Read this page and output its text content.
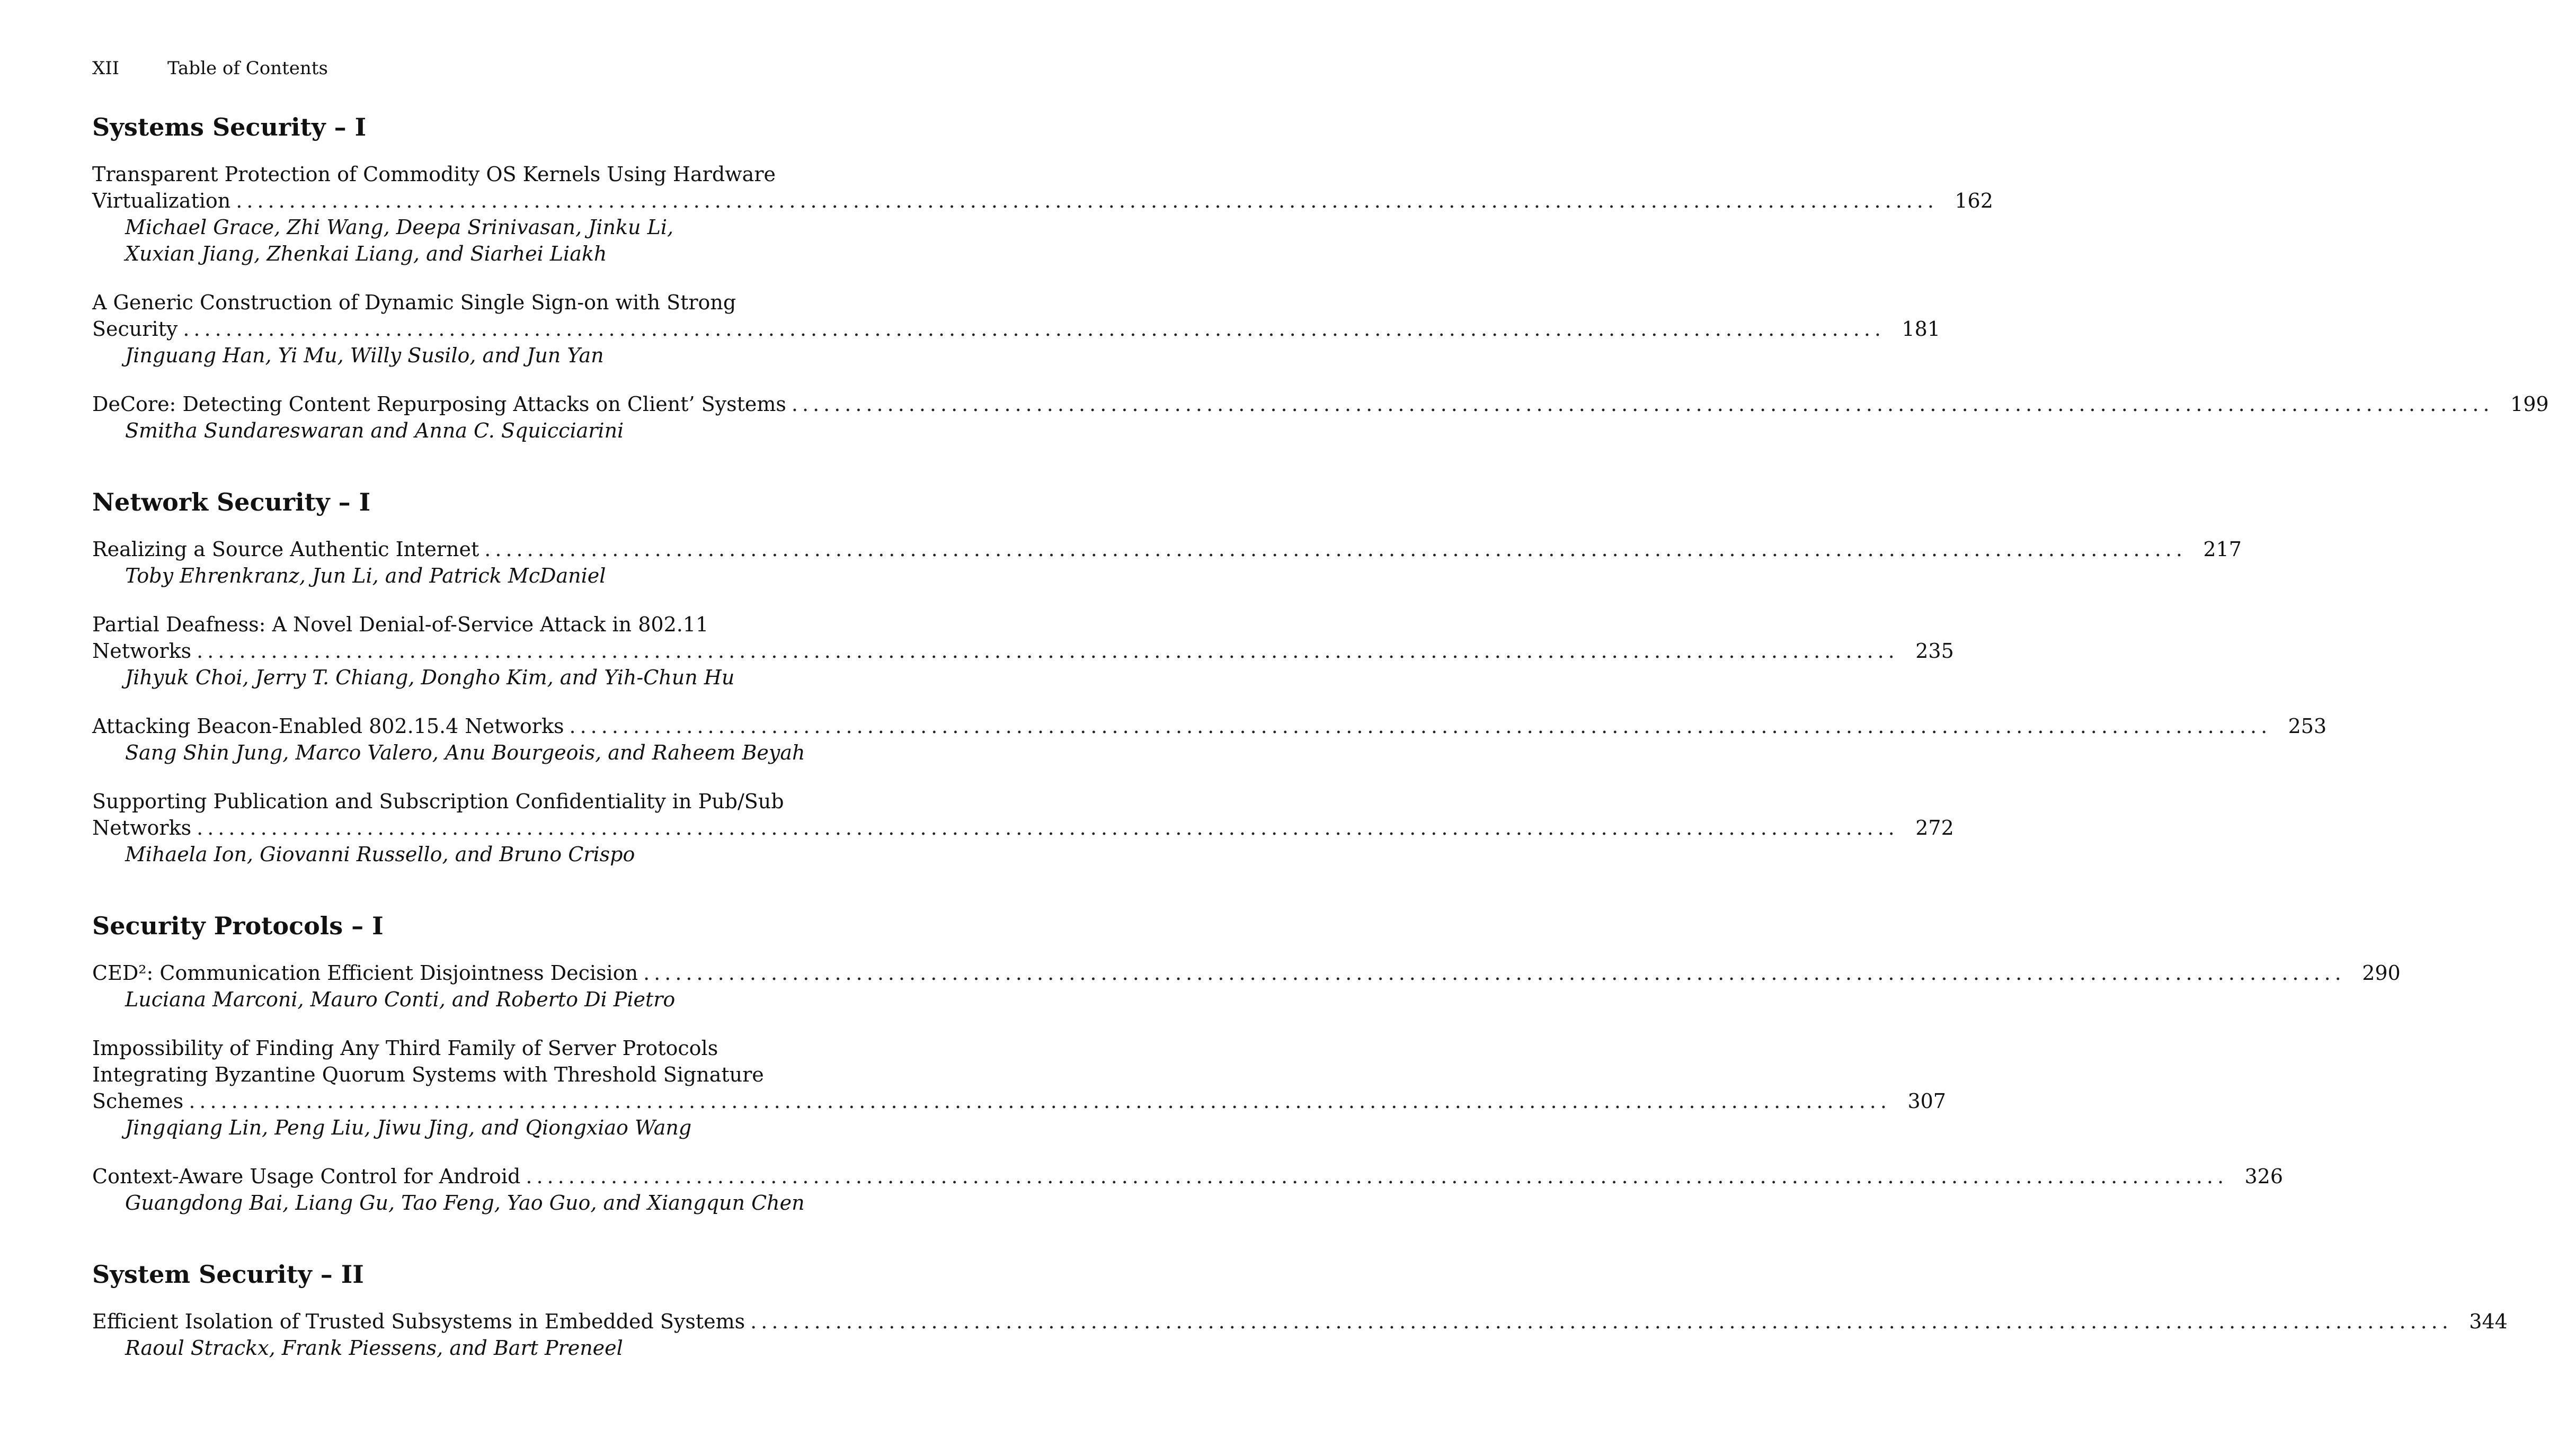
XII	Table of Contents
Systems Security – I
Transparent Protection of Commodity OS Kernels Using Hardware
Virtualization ................................................................................................................................................................ 162
Michael Grace, Zhi Wang, Deepa Srinivasan, Jinku Li,
Xuxian Jiang, Zhenkai Liang, and Siarhei Liakh
A Generic Construction of Dynamic Single Sign-on with Strong
Security ................................................................................................................................................................ 181
Jinguang Han, Yi Mu, Willy Susilo, and Jun Yan
DeCore: Detecting Content Repurposing Attacks on Client’ Systems ................................................................................................................................................................ 199
Smitha Sundareswaran and Anna C. Squicciarini
Network Security – I
Realizing a Source Authentic Internet ................................................................................................................................................................ 217
Toby Ehrenkranz, Jun Li, and Patrick McDaniel
Partial Deafness: A Novel Denial-of-Service Attack in 802.11
Networks ................................................................................................................................................................ 235
Jihyuk Choi, Jerry T. Chiang, Dongho Kim, and Yih-Chun Hu
Attacking Beacon-Enabled 802.15.4 Networks ................................................................................................................................................................ 253
Sang Shin Jung, Marco Valero, Anu Bourgeois, and Raheem Beyah
Supporting Publication and Subscription Confidentiality in Pub/Sub
Networks ................................................................................................................................................................ 272
Mihaela Ion, Giovanni Russello, and Bruno Crispo
Security Protocols – I
CED²: Communication Efficient Disjointness Decision ................................................................................................................................................................ 290
Luciana Marconi, Mauro Conti, and Roberto Di Pietro
Impossibility of Finding Any Third Family of Server Protocols
Integrating Byzantine Quorum Systems with Threshold Signature
Schemes ................................................................................................................................................................ 307
Jingqiang Lin, Peng Liu, Jiwu Jing, and Qiongxiao Wang
Context-Aware Usage Control for Android ................................................................................................................................................................ 326
Guangdong Bai, Liang Gu, Tao Feng, Yao Guo, and Xiangqun Chen
System Security – II
Efficient Isolation of Trusted Subsystems in Embedded Systems ................................................................................................................................................................ 344
Raoul Strackx, Frank Piessens, and Bart Preneel
